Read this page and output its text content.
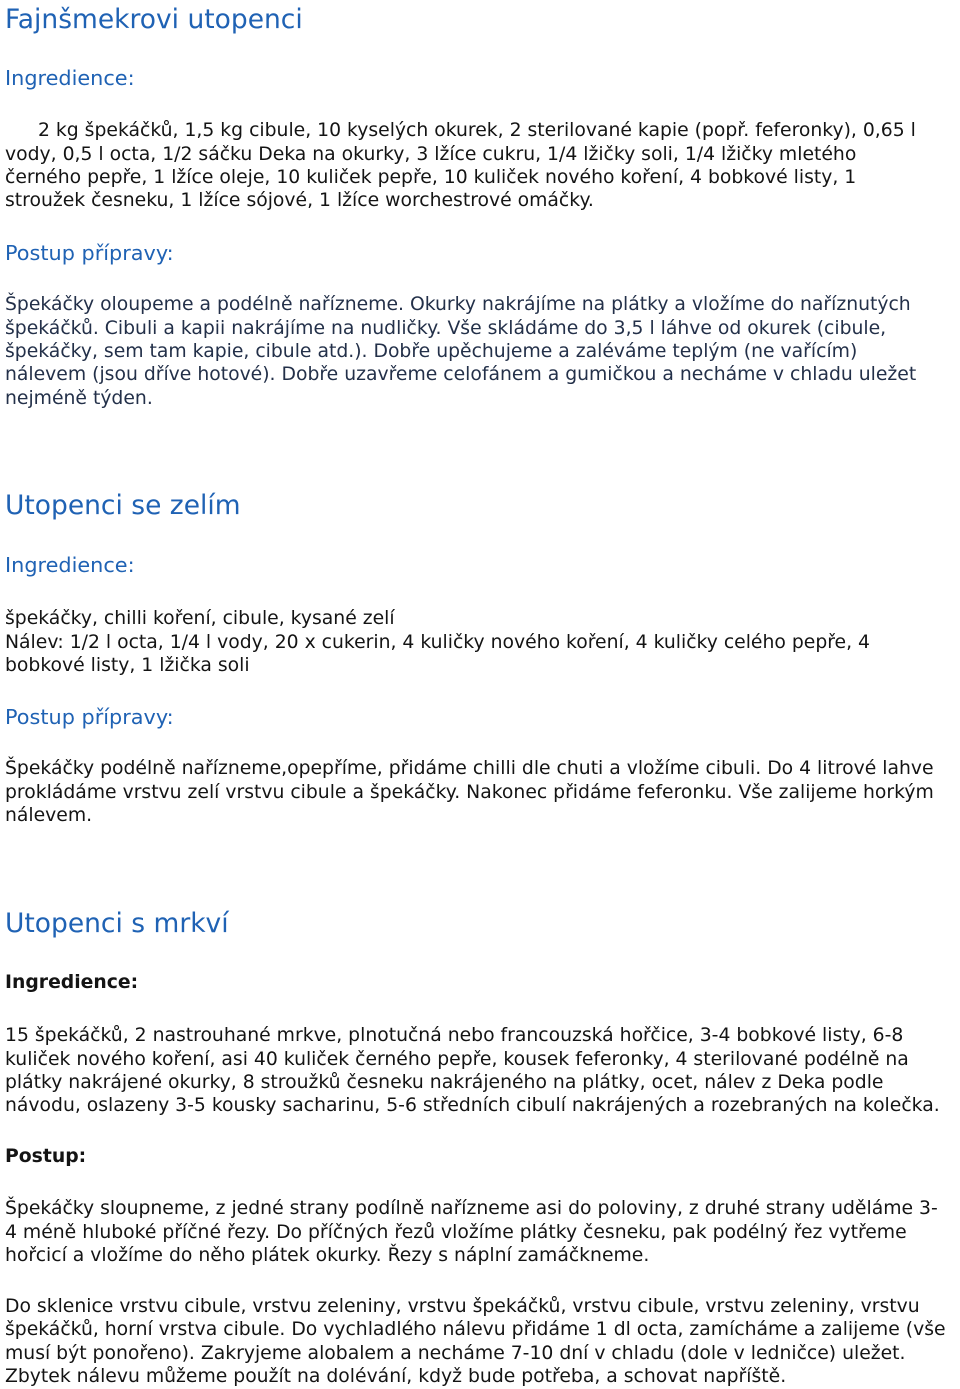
Fajnšmekrovi utopenci
Ingredience:
2 kg špekáčků, 1,5 kg cibule, 10 kyselých okurek, 2 sterilované kapie (popř. feferonky), 0,65 l
vody, 0,5 l octa, 1/2 sáčku Deka na okurky, 3 lžíce cukru, 1/4 lžičky soli, 1/4 lžičky mletého
černého pepře, 1 lžíce oleje, 10 kuliček pepře, 10 kuliček nového koření, 4 bobkové listy, 1
stroužek česneku, 1 lžíce sójové, 1 lžíce worchestrové omáčky.
Postup přípravy:
Špekáčky oloupeme a podélně nařízneme. Okurky nakrájíme na plátky a vložíme do naříznutých
špekáčků. Cibuli a kapii nakrájíme na nudličky. Vše skládáme do 3,5 l láhve od okurek (cibule,
špekáčky, sem tam kapie, cibule atd.). Dobře upěchujeme a zaléváme teplým (ne vařícím)
nálevem (jsou dříve hotové). Dobře uzavřeme celofánem a gumičkou a necháme v chladu uležet
nejméně týden.
Utopenci se zelím
Ingredience:
špekáčky, chilli koření, cibule, kysané zelí
Nálev: 1/2 l octa, 1/4 l vody, 20 x cukerin, 4 kuličky nového koření, 4 kuličky celého pepře, 4
bobkové listy, 1 lžička soli
Postup přípravy:
Špekáčky podélně nařízneme,opepříme, přidáme chilli dle chuti a vložíme cibuli. Do 4 litrové lahve
prokládáme vrstvu zelí vrstvu cibule a špekáčky. Nakonec přidáme feferonku. Vše zalijeme horkým
nálevem.
Utopenci s mrkví
Ingredience:
15 špekáčků, 2 nastrouhané mrkve, plnotučná nebo francouzská hořčice, 3-4 bobkové listy, 6-8
kuliček nového koření, asi 40 kuliček černého pepře, kousek feferonky, 4 sterilované podélně na
plátky nakrájené okurky, 8 stroužků česneku nakrájeného na plátky, ocet, nálev z Deka podle
návodu, oslazeny 3-5 kousky sacharinu, 5-6 středních cibulí nakrájených a rozebraných na kolečka.
Postup:
Špekáčky sloupneme, z jedné strany podílně nařízneme asi do poloviny, z druhé strany uděláme 3-
4 méně hluboké příčné řezy. Do příčných řezů vložíme plátky česneku, pak podélný řez vytřeme
hořcicí a vložíme do něho plátek okurky. Řezy s náplní zamáčkneme.
Do sklenice vrstvu cibule, vrstvu zeleniny, vrstvu špekáčků, vrstvu cibule, vrstvu zeleniny, vrstvu
špekáčků, horní vrstva cibule. Do vychladlého nálevu přidáme 1 dl octa, zamícháme a zalijeme (vše
musí být ponořeno). Zakryjeme alobalem a necháme 7-10 dní v chladu (dole v ledničce) uležet.
Zbytek nálevu můžeme použít na dolévání, když bude potřeba, a schovat napříště.
